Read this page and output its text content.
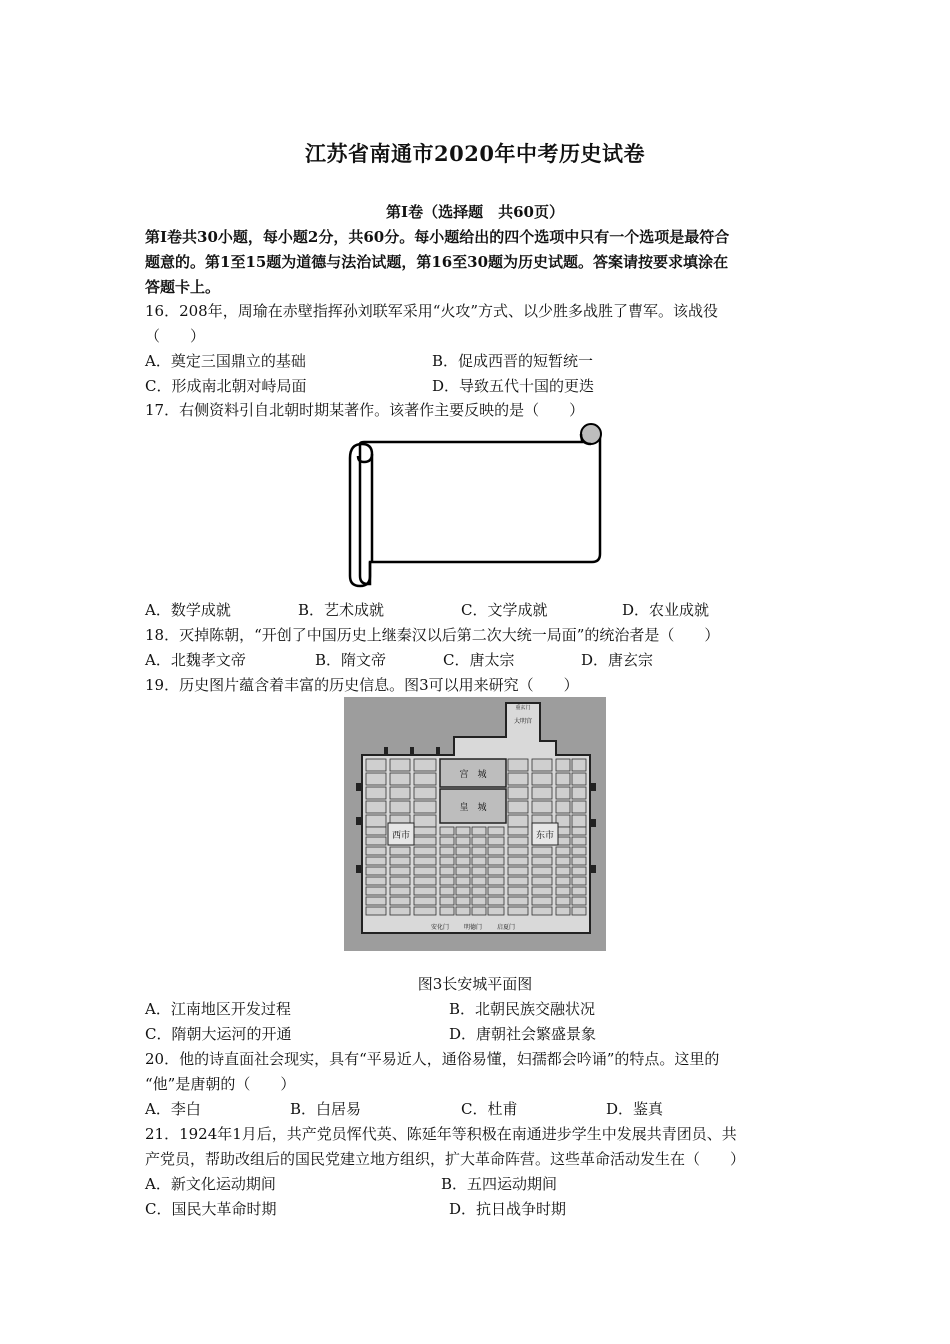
江苏省南通市2020年中考历史试卷
第I卷（选择题　共60页）
第I卷共30小题，每小题2分，共60分。每小题给出的四个选项中只有一个选项是最符合
题意的。第1至15题为道德与法治试题，第16至30题为历史试题。答案请按要求填涂在
答题卡上。
16．208年，周瑜在赤壁指挥孙刘联军采用“火攻”方式、以少胜多战胜了曹军。该战役
（　　）
A．奠定三国鼎立的基础	B．促成西晋的短暂统一
C．形成南北朝对峙局面	D．导致五代十国的更迭
17．右侧资料引自北朝时期某著作。该著作主要反映的是（　　）
A．数学成就	B．艺术成就	C．文学成就	D．农业成就
18．灭掉陈朝，“开创了中国历史上继秦汉以后第二次大统一局面”的统治者是（　　）
A．北魏孝文帝	B．隋文帝	C．唐太宗	D．唐玄宗
19．历史图片蕴含着丰富的历史信息。图3可以用来研究（　　）
宫　城
皇　城
西市	东市
大明宫
重玄门
安化门 明德门 启夏门
图3长安城平面图
A．江南地区开发过程	B．北朝民族交融状况
C．隋朝大运河的开通	D．唐朝社会繁盛景象
20．他的诗直面社会现实，具有“平易近人，通俗易懂，妇孺都会吟诵”的特点。这里的
“他”是唐朝的（　　）
A．李白	B．白居易	C．杜甫	D．鉴真
21．1924年1月后，共产党员恽代英、陈延年等积极在南通进步学生中发展共青团员、共
产党员，帮助改组后的国民党建立地方组织，扩大革命阵营。这些革命活动发生在（　　）
A．新文化运动期间	B．五四运动期间
C．国民大革命时期	D．抗日战争时期
